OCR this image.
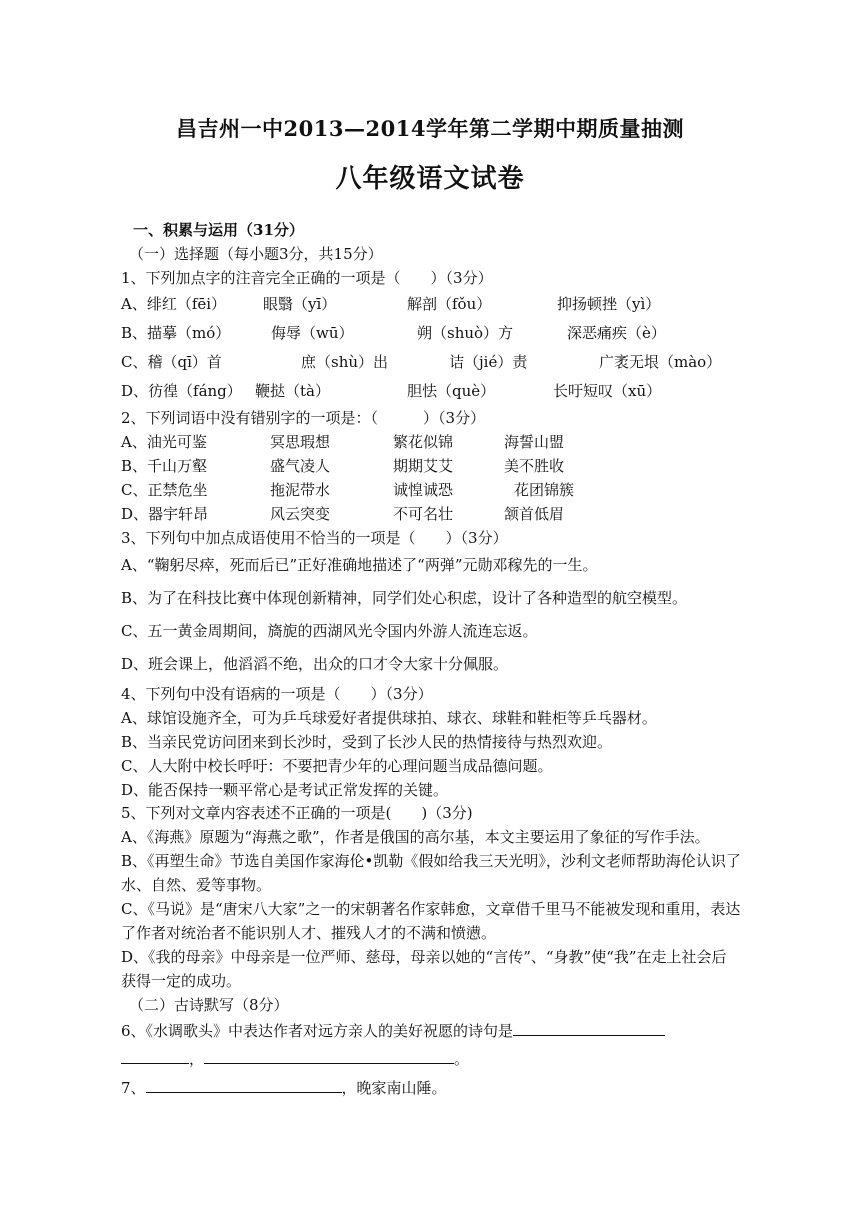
昌吉州一中2013—2014学年第二学期中期质量抽测
八年级语文试卷
一、积累与运用（31分）
（一）选择题（每小题3分，共15分）
1、下列加点字的注音完全正确的一项是（　　）（3分）
A、绯红（fēi） 眼翳（yī）	解剖（fǒu）	抑扬顿挫（yì）
B、描摹（mó）	侮辱（wū）	朔（shuò）方	深恶痛疾（è）
C、稽（qī）首	庶（shù）出	诘（jié）责	广袤无垠（mào）
D、彷徨（fáng） 鞭挞（tà）	胆怯（què）	长吁短叹（xū）
2、下列词语中没有错别字的一项是：（　　　）（3分）
A、油光可鉴	冥思瑕想	繁花似锦	海誓山盟
B、千山万壑	盛气凌人	期期艾艾	美不胜收
C、正禁危坐	拖泥带水	诚惶诚恐	花团锦簇
D、器宇轩昂	风云突变	不可名壮	颔首低眉
3、下列句中加点成语使用不恰当的一项是（　　）（3分）
A、“鞠躬尽瘁，死而后已”正好准确地描述了“两弹”元勋邓稼先的一生。
B、为了在科技比赛中体现创新精神，同学们处心积虑，设计了各种造型的航空模型。
C、五一黄金周期间，旖旎的西湖风光令国内外游人流连忘返。
D、班会课上，他滔滔不绝，出众的口才令大家十分佩服。
4、下列句中没有语病的一项是（　　）（3分）
A、球馆设施齐全，可为乒乓球爱好者提供球拍、球衣、球鞋和鞋柜等乒乓器材。
B、当亲民党访问团来到长沙时，受到了长沙人民的热情接待与热烈欢迎。
C、人大附中校长呼吁：不要把青少年的心理问题当成品德问题。
D、能否保持一颗平常心是考试正常发挥的关键。
5、下列对文章内容表述不正确的一项是(　　)（3分)
A、《海燕》原题为“海燕之歌”，作者是俄国的高尔基，本文主要运用了象征的写作手法。
B、《再塑生命》节选自美国作家海伦•凯勒《假如给我三天光明》，沙利文老师帮助海伦认识了水、自然、爱等事物。
C、《马说》是“唐宋八大家”之一的宋朝著名作家韩愈，文章借千里马不能被发现和重用，表达了作者对统治者不能识别人才、摧残人才的不满和愤懑。
D、《我的母亲》中母亲是一位严师、慈母，母亲以她的“言传”、“身教”使“我”在走上社会后获得一定的成功。
（二）古诗默写（8分）
6、《水调歌头》中表达作者对远方亲人的美好祝愿的诗句是
，	。
7、	，晚家南山陲。
